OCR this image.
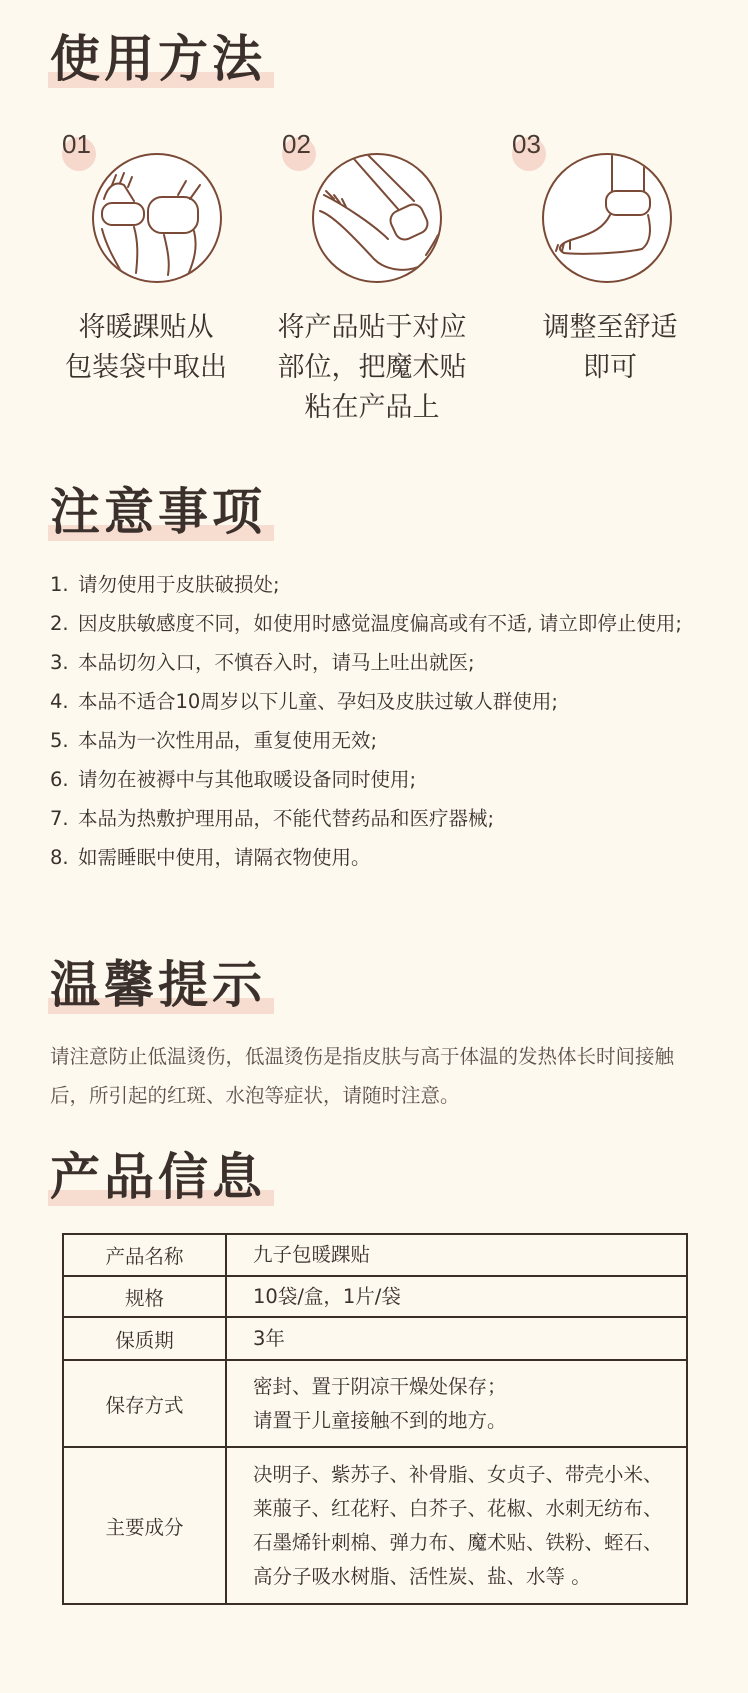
使用方法
01
将暖踝贴从
包装袋中取出
02
将产品贴于对应
部位，把魔术贴
粘在产品上
03
调整至舒适
即可
注意事项
1. 请勿使用于皮肤破损处;
2. 因皮肤敏感度不同，如使用时感觉温度偏高或有不适, 请立即停止使用;
3. 本品切勿入口，不慎吞入时，请马上吐出就医;
4. 本品不适合10周岁以下儿童、孕妇及皮肤过敏人群使用;
5. 本品为一次性用品，重复使用无效;
6. 请勿在被褥中与其他取暖设备同时使用;
7. 本品为热敷护理用品，不能代替药品和医疗器械;
8. 如需睡眠中使用，请隔衣物使用。
温馨提示
请注意防止低温烫伤，低温烫伤是指皮肤与高于体温的发热体长时间接触后，所引起的红斑、水泡等症状，请随时注意。
产品信息
产品名称	九子包暖踝贴

规格	10袋/盒，1片/袋

保质期	3年

保存方式	密封、置于阴凉干燥处保存；
请置于儿童接触不到的地方。

主要成分	决明子、紫苏子、补骨脂、女贞子、带壳小米、
莱菔子、红花籽、白芥子、花椒、水刺无纺布、
石墨烯针刺棉、弹力布、魔术贴、铁粉、蛭石、
高分子吸水树脂、活性炭、盐、水等 。
